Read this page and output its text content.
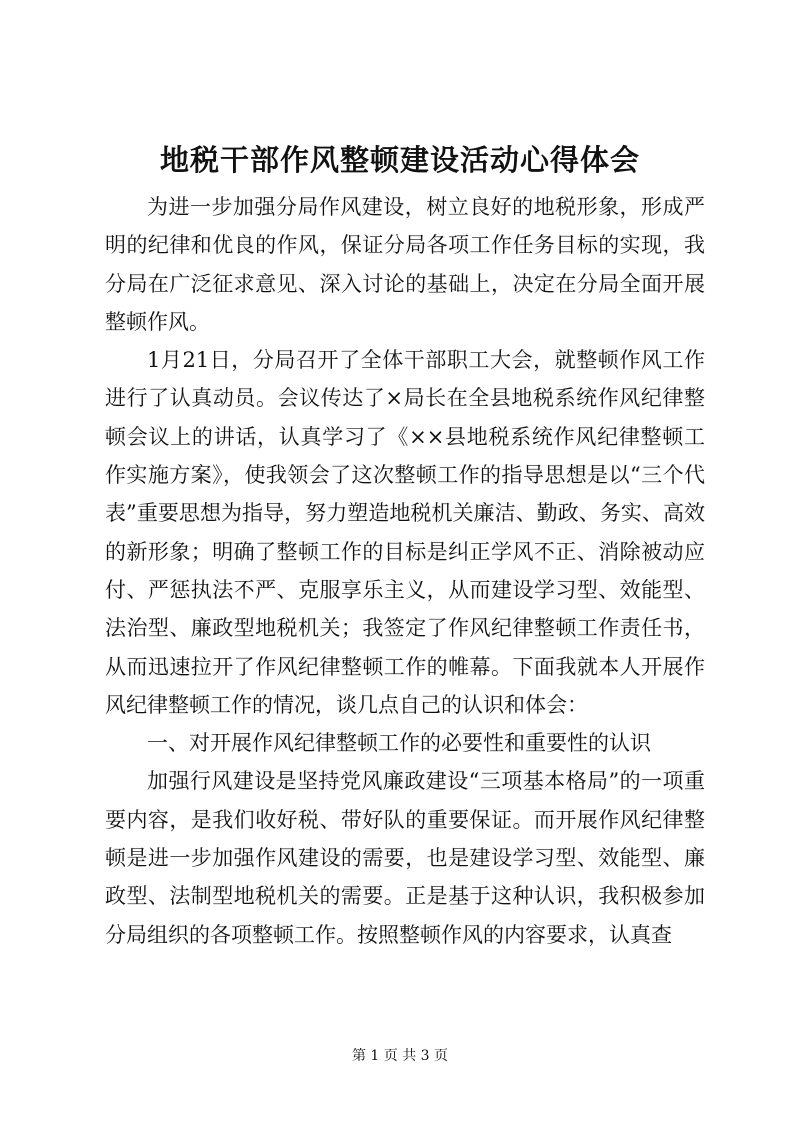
地税干部作风整顿建设活动心得体会

为进一步加强分局作风建设，树立良好的地税形象，形成严明的纪律和优良的作风，保证分局各项工作任务目标的实现，我分局在广泛征求意见、深入讨论的基础上，决定在分局全面开展整顿作风。

1月21日，分局召开了全体干部职工大会，就整顿作风工作进行了认真动员。会议传达了×局长在全县地税系统作风纪律整顿会议上的讲话，认真学习了《××县地税系统作风纪律整顿工作实施方案》，使我领会了这次整顿工作的指导思想是以“三个代表”重要思想为指导，努力塑造地税机关廉洁、勤政、务实、高效的新形象；明确了整顿工作的目标是纠正学风不正、消除被动应付、严惩执法不严、克服享乐主义，从而建设学习型、效能型、法治型、廉政型地税机关；我签定了作风纪律整顿工作责任书，从而迅速拉开了作风纪律整顿工作的帷幕。下面我就本人开展作风纪律整顿工作的情况，谈几点自己的认识和体会：

一、对开展作风纪律整顿工作的必要性和重要性的认识

加强行风建设是坚持党风廉政建设“三项基本格局”的一项重要内容，是我们收好税、带好队的重要保证。而开展作风纪律整顿是进一步加强作风建设的需要，也是建设学习型、效能型、廉政型、法制型地税机关的需要。正是基于这种认识，我积极参加分局组织的各项整顿工作。按照整顿作风的内容要求，认真查

第 1 页 共 3 页
